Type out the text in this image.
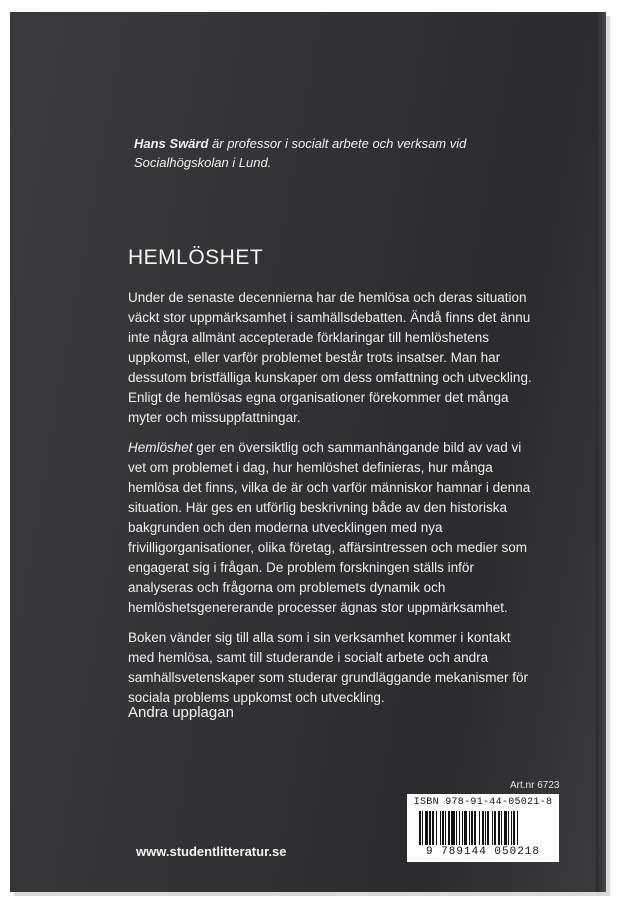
Hans Swärd är professor i socialt arbete och verksam vid Socialhögskolan i Lund.
HEMLÖSHET

Under de senaste decennierna har de hemlösa och deras situation väckt stor uppmärksamhet i samhällsdebatten. Ändå finns det ännu inte några allmänt accepterade förklaringar till hemlöshetens uppkomst, eller varför problemet består trots insatser. Man har dessutom bristfälliga kunskaper om dess omfattning och utveckling. Enligt de hemlösas egna organisationer förekommer det många myter och missuppfattningar.

Hemlöshet ger en översiktlig och sammanhängande bild av vad vi vet om problemet i dag, hur hemlöshet definieras, hur många hemlösa det finns, vilka de är och varför människor hamnar i denna situation. Här ges en utförlig beskrivning både av den historiska bakgrunden och den moderna utvecklingen med nya frivilligorganisationer, olika företag, affärsintressen och medier som engagerat sig i frågan. De problem forskningen ställs inför analyseras och frågorna om problemets dynamik och hemlöshetsgenererande processer ägnas stor uppmärksamhet.

Boken vänder sig till alla som i sin verksamhet kommer i kontakt med hemlösa, samt till studerande i socialt arbete och andra samhällsvetenskaper som studerar grundläggande mekanismer för sociala problems uppkomst och utveckling.

Andra upplagan
Art.nr 6723
ISBN 978-91-44-05021-8
9 789144 050218
www.studentlitteratur.se
